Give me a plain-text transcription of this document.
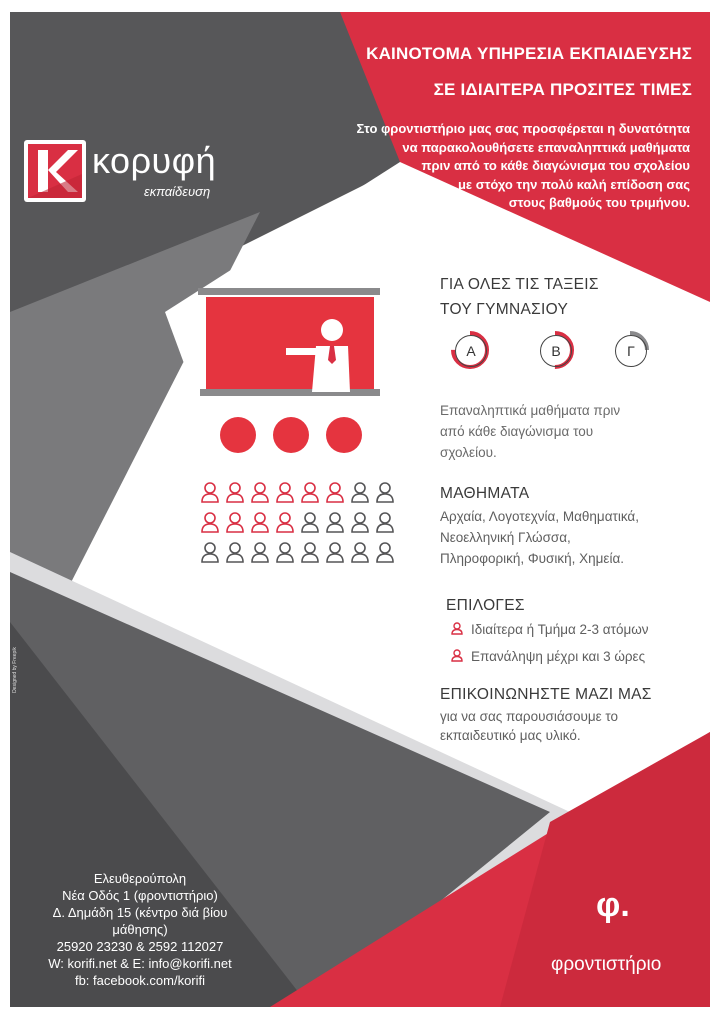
ΚΑΙΝΟΤΟΜΑ ΥΠΗΡΕΣΙΑ ΕΚΠΑΙΔΕΥΣΗΣ
ΣΕ ΙΔΙΑΙΤΕΡΑ ΠΡΟΣΙΤΕΣ ΤΙΜΕΣ
Στο φροντιστήριο μας σας προσφέρεται η δυνατότητα
να παρακολουθήσετε επαναληπτικά μαθήματα
πριν από το κάθε διαγώνισμα του σχολείου
με στόχο την πολύ καλή επίδοση σας
στους βαθμούς του τριμήνου.
κορυφή
εκπαίδευση
ΓΙΑ ΟΛΕΣ ΤΙΣ ΤΑΞΕΙΣ
ΤΟΥ ΓΥΜΝΑΣΙΟΥ
Α	Β	Γ
Επαναληπτικά μαθήματα πριν
από κάθε διαγώνισμα του
σχολείου.
ΜΑΘΗΜΑΤΑ
Αρχαία, Λογοτεχνία, Μαθηματικά,
Νεοελληνική Γλώσσα,
Πληροφορική, Φυσική, Χημεία.
ΕΠΙΛΟΓΕΣ
Ιδιαίτερα ή Τμήμα 2-3 ατόμων
Επανάληψη μέχρι και 3 ώρες
ΕΠΙΚΟΙΝΩΝΗΣΤΕ ΜΑΖΙ ΜΑΣ
για να σας παρουσιάσουμε το
εκπαιδευτικό μας υλικό.
Ελευθερούπολη
Νέα Οδός 1 (φροντιστήριο)
Δ. Δημάδη 15 (κέντρο διά βίου μάθησης)
25920 23230 & 2592 112027
W: korifi.net & E: info@korifi.net
fb: facebook.com/korifi
φ.
φροντιστήριο
Designed by Freepik
